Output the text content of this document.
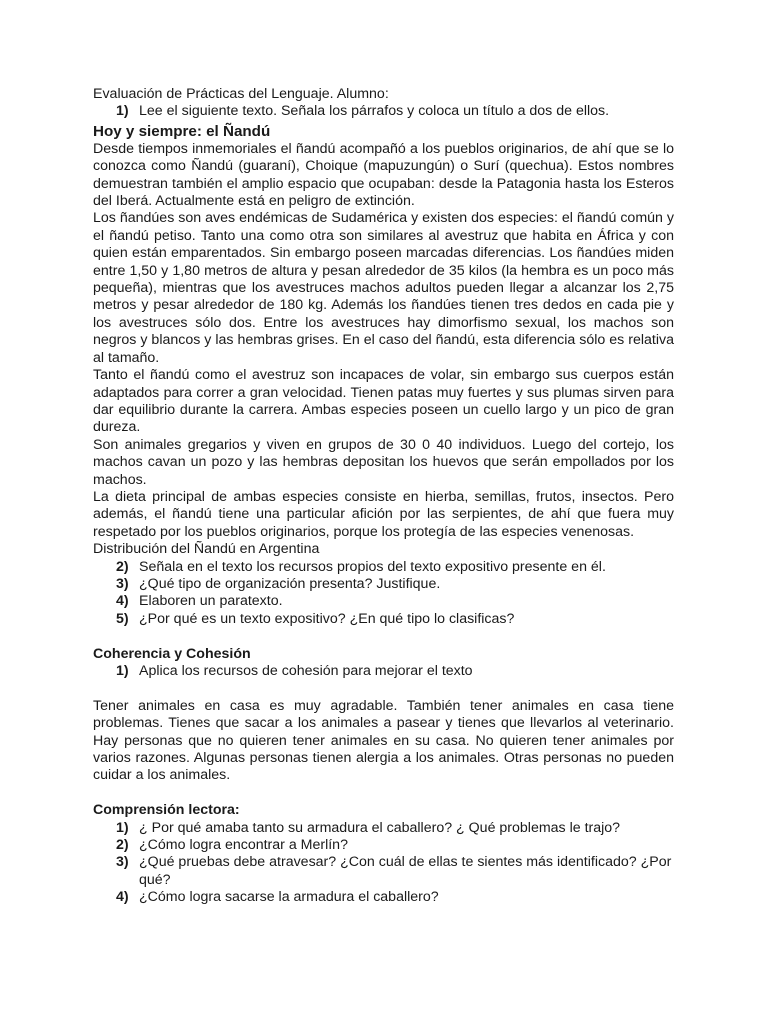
Evaluación de Prácticas del Lenguaje. Alumno:

1) Lee el siguiente texto. Señala los párrafos y coloca un título a dos de ellos.

Hoy y siempre: el Ñandú

Desde tiempos inmemoriales el ñandú acompañó a los pueblos originarios, de ahí que se lo conozca como Ñandú (guaraní), Choique (mapuzungún) o Surí (quechua). Estos nombres demuestran también el amplio espacio que ocupaban: desde la Patagonia hasta los Esteros del Iberá. Actualmente está en peligro de extinción.

Los ñandúes son aves endémicas de Sudamérica y existen dos especies: el ñandú común y el ñandú petiso. Tanto una como otra son similares al avestruz que habita en África y con quien están emparentados. Sin embargo poseen marcadas diferencias. Los ñandúes miden entre 1,50 y 1,80 metros de altura y pesan alrededor de 35 kilos (la hembra es un poco más pequeña), mientras que los avestruces machos adultos pueden llegar a alcanzar los 2,75 metros y pesar alrededor de 180 kg. Además los ñandúes tienen tres dedos en cada pie y los avestruces sólo dos. Entre los avestruces hay dimorfismo sexual, los machos son negros y blancos y las hembras grises. En el caso del ñandú, esta diferencia sólo es relativa al tamaño.

Tanto el ñandú como el avestruz son incapaces de volar, sin embargo sus cuerpos están adaptados para correr a gran velocidad. Tienen patas muy fuertes y sus plumas sirven para dar equilibrio durante la carrera. Ambas especies poseen un cuello largo y un pico de gran dureza.

Son animales gregarios y viven en grupos de 30 0 40 individuos. Luego del cortejo, los machos cavan un pozo y las hembras depositan los huevos que serán empollados por los machos.

La dieta principal de ambas especies consiste en hierba, semillas, frutos, insectos. Pero además, el ñandú tiene una particular afición por las serpientes, de ahí que fuera muy respetado por los pueblos originarios, porque los protegía de las especies venenosas.

Distribución del Ñandú en Argentina

2) Señala en el texto los recursos propios del texto expositivo presente en él.
3) ¿Qué tipo de organización presenta? Justifique.
4) Elaboren un paratexto.
5) ¿Por qué es un texto expositivo? ¿En qué tipo lo clasificas?

Coherencia y Cohesión

1) Aplica los recursos de cohesión para mejorar el texto

Tener animales en casa es muy agradable. También tener animales en casa tiene problemas. Tienes que sacar a los animales a pasear y tienes que llevarlos al veterinario. Hay personas que no quieren tener animales en su casa. No quieren tener animales por varios razones. Algunas personas tienen alergia a los animales. Otras personas no pueden cuidar a los animales.

Comprensión lectora:

1) ¿ Por qué amaba tanto su armadura el caballero? ¿ Qué problemas le trajo?
2) ¿Cómo logra encontrar a Merlín?
3) ¿Qué pruebas debe atravesar? ¿Con cuál de ellas te sientes más identificado? ¿Por qué?
4) ¿Cómo logra sacarse la armadura el caballero?
